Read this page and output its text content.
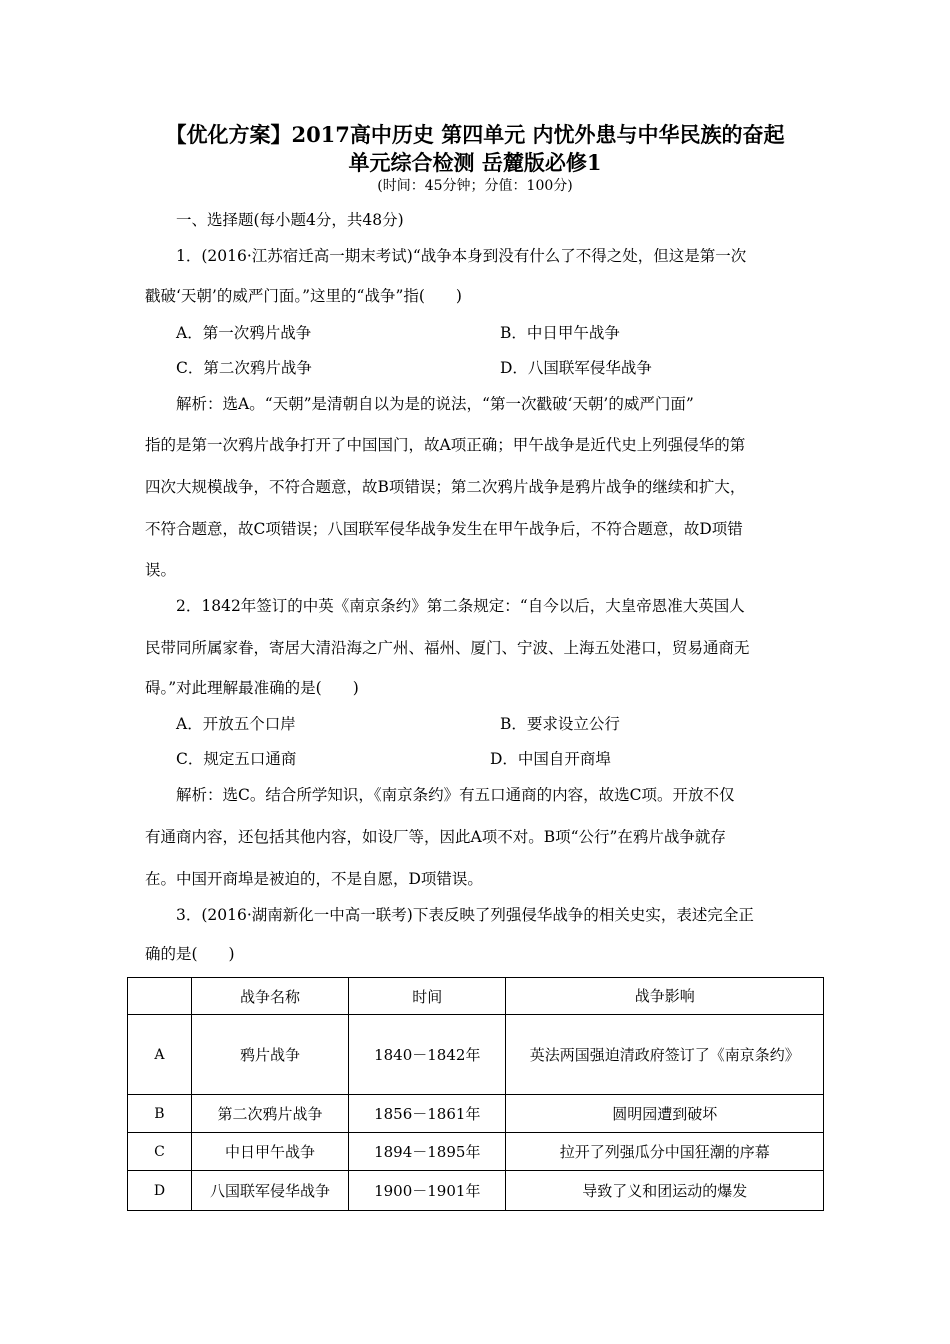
【优化方案】2017高中历史 第四单元 内忧外患与中华民族的奋起
单元综合检测 岳麓版必修1
(时间：45分钟；分值：100分)
一、选择题(每小题4分，共48分)
1．(2016·江苏宿迁高一期末考试)“战争本身到没有什么了不得之处，但这是第一次
戳破‘天朝’的威严门面。”这里的“战争”指(　　)
A．第一次鸦片战争	B．中日甲午战争
C．第二次鸦片战争	D．八国联军侵华战争
解析：选A。“天朝”是清朝自以为是的说法，“第一次戳破‘天朝’的威严门面”
指的是第一次鸦片战争打开了中国国门，故A项正确；甲午战争是近代史上列强侵华的第
四次大规模战争，不符合题意，故B项错误；第二次鸦片战争是鸦片战争的继续和扩大，
不符合题意，故C项错误；八国联军侵华战争发生在甲午战争后，不符合题意，故D项错
误。
2．1842年签订的中英《南京条约》第二条规定：“自今以后，大皇帝恩准大英国人
民带同所属家眷，寄居大清沿海之广州、福州、厦门、宁波、上海五处港口，贸易通商无
碍。”对此理解最准确的是(　　)
A．开放五个口岸	B．要求设立公行
C．规定五口通商	D．中国自开商埠
解析：选C。结合所学知识，《南京条约》有五口通商的内容，故选C项。开放不仅
有通商内容，还包括其他内容，如设厂等，因此A项不对。B项“公行”在鸦片战争就存
在。中国开商埠是被迫的，不是自愿，D项错误。
3．(2016·湖南新化一中高一联考)下表反映了列强侵华战争的相关史实，表述完全正
确的是(　　)
	战争名称	时间	战争影响
A	鸦片战争	1840－1842年	英法两国强迫清政府签订了《南京条约》
B	第二次鸦片战争	1856－1861年	圆明园遭到破坏
C	中日甲午战争	1894－1895年	拉开了列强瓜分中国狂潮的序幕
D	八国联军侵华战争	1900－1901年	导致了义和团运动的爆发
